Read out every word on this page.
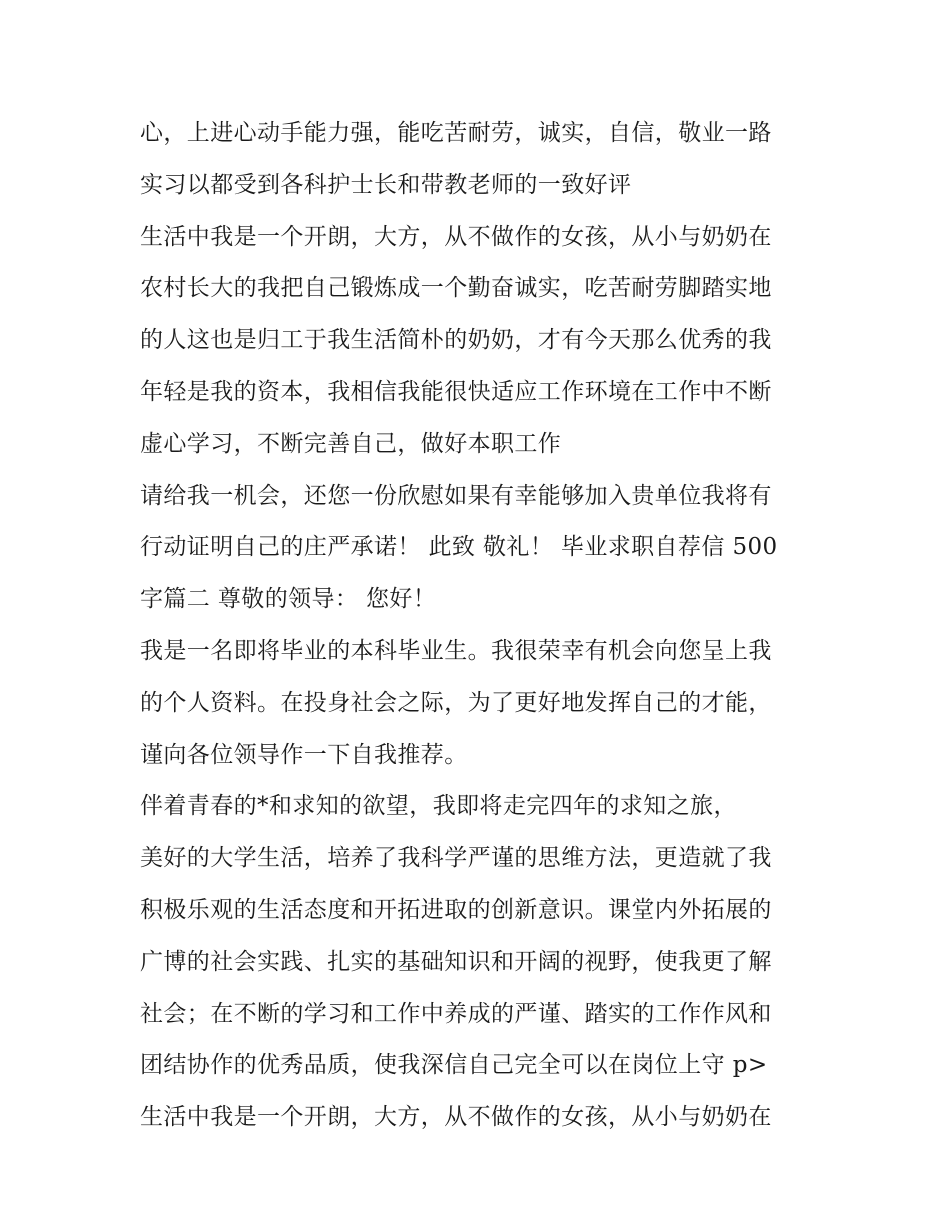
心，上进心动手能力强，能吃苦耐劳，诚实，自信，敬业一路
实习以都受到各科护士长和带教老师的一致好评
生活中我是一个开朗，大方，从不做作的女孩，从小与奶奶在
农村长大的我把自己锻炼成一个勤奋诚实，吃苦耐劳脚踏实地
的人这也是归工于我生活简朴的奶奶，才有今天那么优秀的我
年轻是我的资本，我相信我能很快适应工作环境在工作中不断
虚心学习，不断完善自己，做好本职工作
请给我一机会，还您一份欣慰如果有幸能够加入贵单位我将有
行动证明自己的庄严承诺！ 此致 敬礼！ 毕业求职自荐信 500
字篇二 尊敬的领导： 您好！
我是一名即将毕业的本科毕业生。我很荣幸有机会向您呈上我
的个人资料。在投身社会之际，为了更好地发挥自己的才能，
谨向各位领导作一下自我推荐。
伴着青春的*和求知的欲望，我即将走完四年的求知之旅，
美好的大学生活，培养了我科学严谨的思维方法，更造就了我
积极乐观的生活态度和开拓进取的创新意识。课堂内外拓展的
广博的社会实践、扎实的基础知识和开阔的视野，使我更了解
社会；在不断的学习和工作中养成的严谨、踏实的工作作风和
团结协作的优秀品质，使我深信自己完全可以在岗位上守 p>
生活中我是一个开朗，大方，从不做作的女孩，从小与奶奶在
